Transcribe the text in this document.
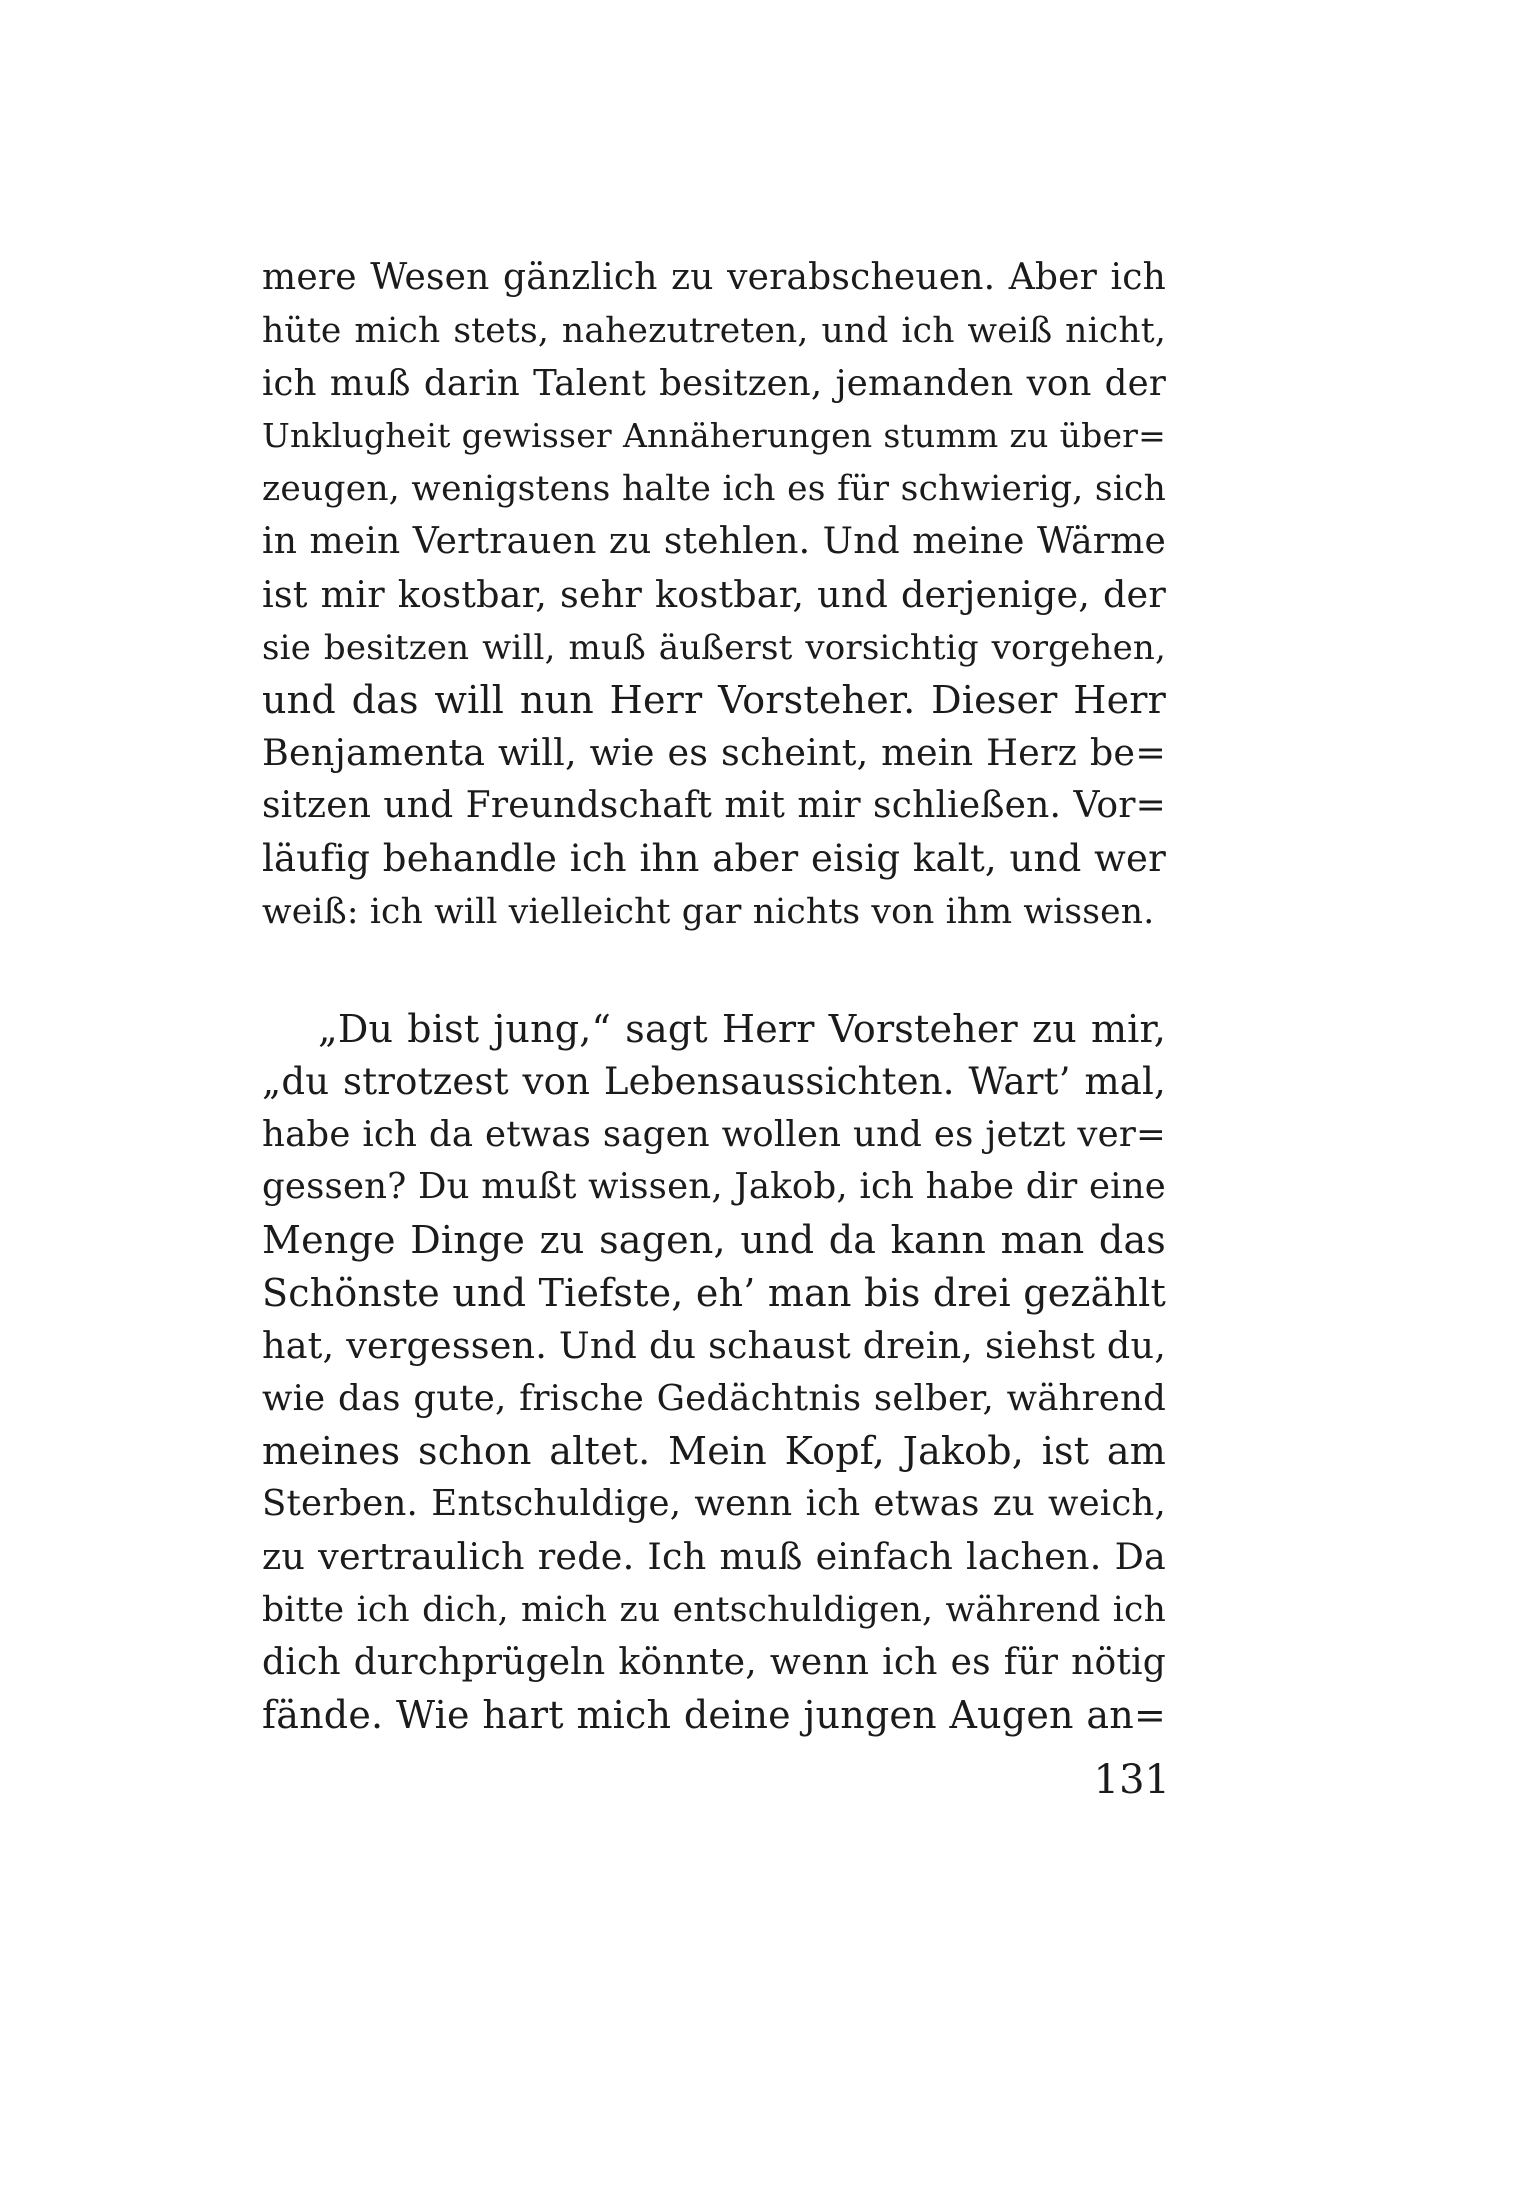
mere Wesen gänzlich zu verabscheuen. Aber ich
hüte mich stets, nahezutreten, und ich weiß nicht,
ich muß darin Talent besitzen, jemanden von der
Unklugheit gewisser Annäherungen stumm zu über=
zeugen, wenigstens halte ich es für schwierig, sich
in mein Vertrauen zu stehlen. Und meine Wärme
ist mir kostbar, sehr kostbar, und derjenige, der
sie besitzen will, muß äußerst vorsichtig vorgehen,
und das will nun Herr Vorsteher. Dieser Herr
Benjamenta will, wie es scheint, mein Herz be=
sitzen und Freundschaft mit mir schließen. Vor=
läufig behandle ich ihn aber eisig kalt, und wer
weiß: ich will vielleicht gar nichts von ihm wissen.
„Du bist jung,“ sagt Herr Vorsteher zu mir,
„du strotzest von Lebensaussichten. Wart’ mal,
habe ich da etwas sagen wollen und es jetzt ver=
gessen? Du mußt wissen, Jakob, ich habe dir eine
Menge Dinge zu sagen, und da kann man das
Schönste und Tiefste, eh’ man bis drei gezählt
hat, vergessen. Und du schaust drein, siehst du,
wie das gute, frische Gedächtnis selber, während
meines schon altet. Mein Kopf, Jakob, ist am
Sterben. Entschuldige, wenn ich etwas zu weich,
zu vertraulich rede. Ich muß einfach lachen. Da
bitte ich dich, mich zu entschuldigen, während ich
dich durchprügeln könnte, wenn ich es für nötig
fände. Wie hart mich deine jungen Augen an=
131
